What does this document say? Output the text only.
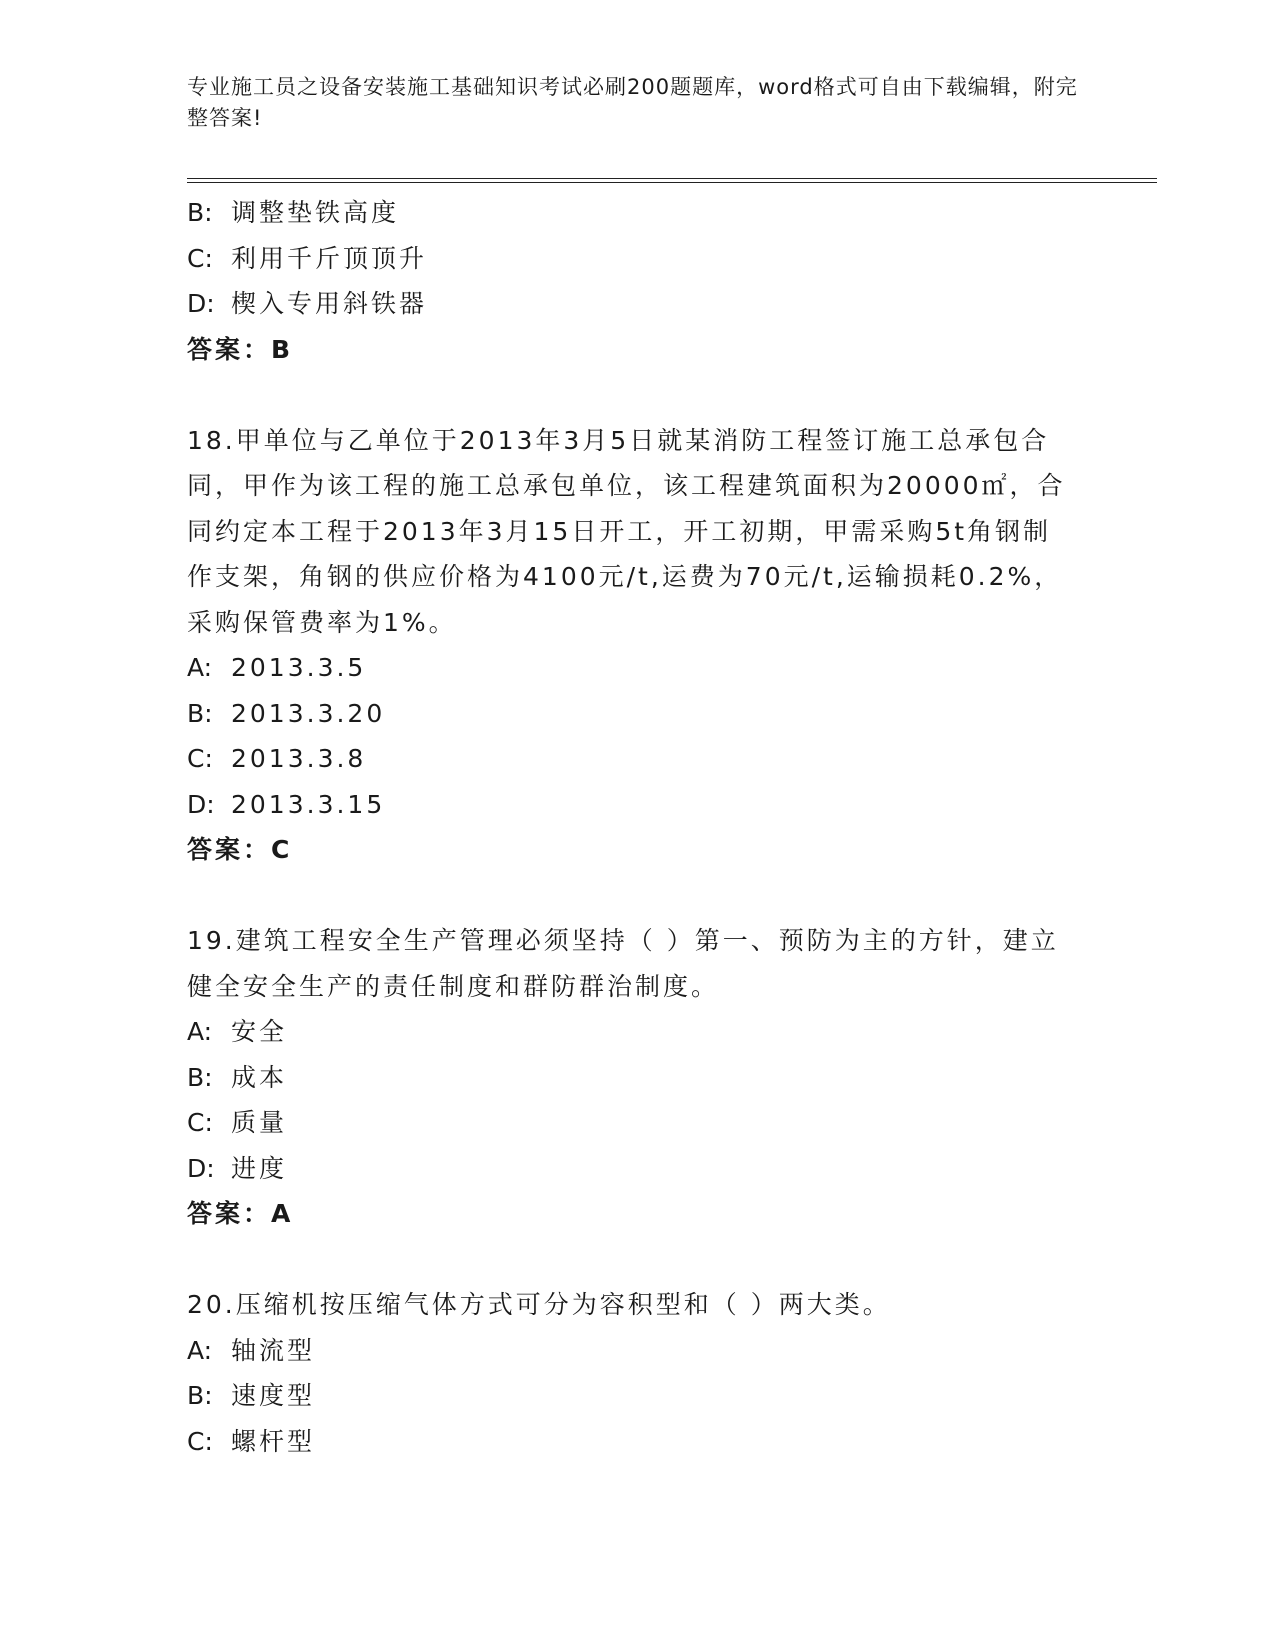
专业施工员之设备安装施工基础知识考试必刷200题题库，word格式可自由下载编辑，附完整答案!
B: 调整垫铁高度
C: 利用千斤顶顶升
D: 楔入专用斜铁器
答案：B
18.甲单位与乙单位于2013年3月5日就某消防工程签订施工总承包合同，甲作为该工程的施工总承包单位，该工程建筑面积为20000㎡，合同约定本工程于2013年3月15日开工，开工初期，甲需采购5t角钢制作支架，角钢的供应价格为4100元/t,运费为70元/t,运输损耗0.2%，采购保管费率为1%。
A: 2013.3.5
B: 2013.3.20
C: 2013.3.8
D: 2013.3.15
答案：C
19.建筑工程安全生产管理必须坚持（ ）第一、预防为主的方针，建立健全安全生产的责任制度和群防群治制度。
A: 安全
B: 成本
C: 质量
D: 进度
答案：A
20.压缩机按压缩气体方式可分为容积型和（ ）两大类。
A: 轴流型
B: 速度型
C: 螺杆型
